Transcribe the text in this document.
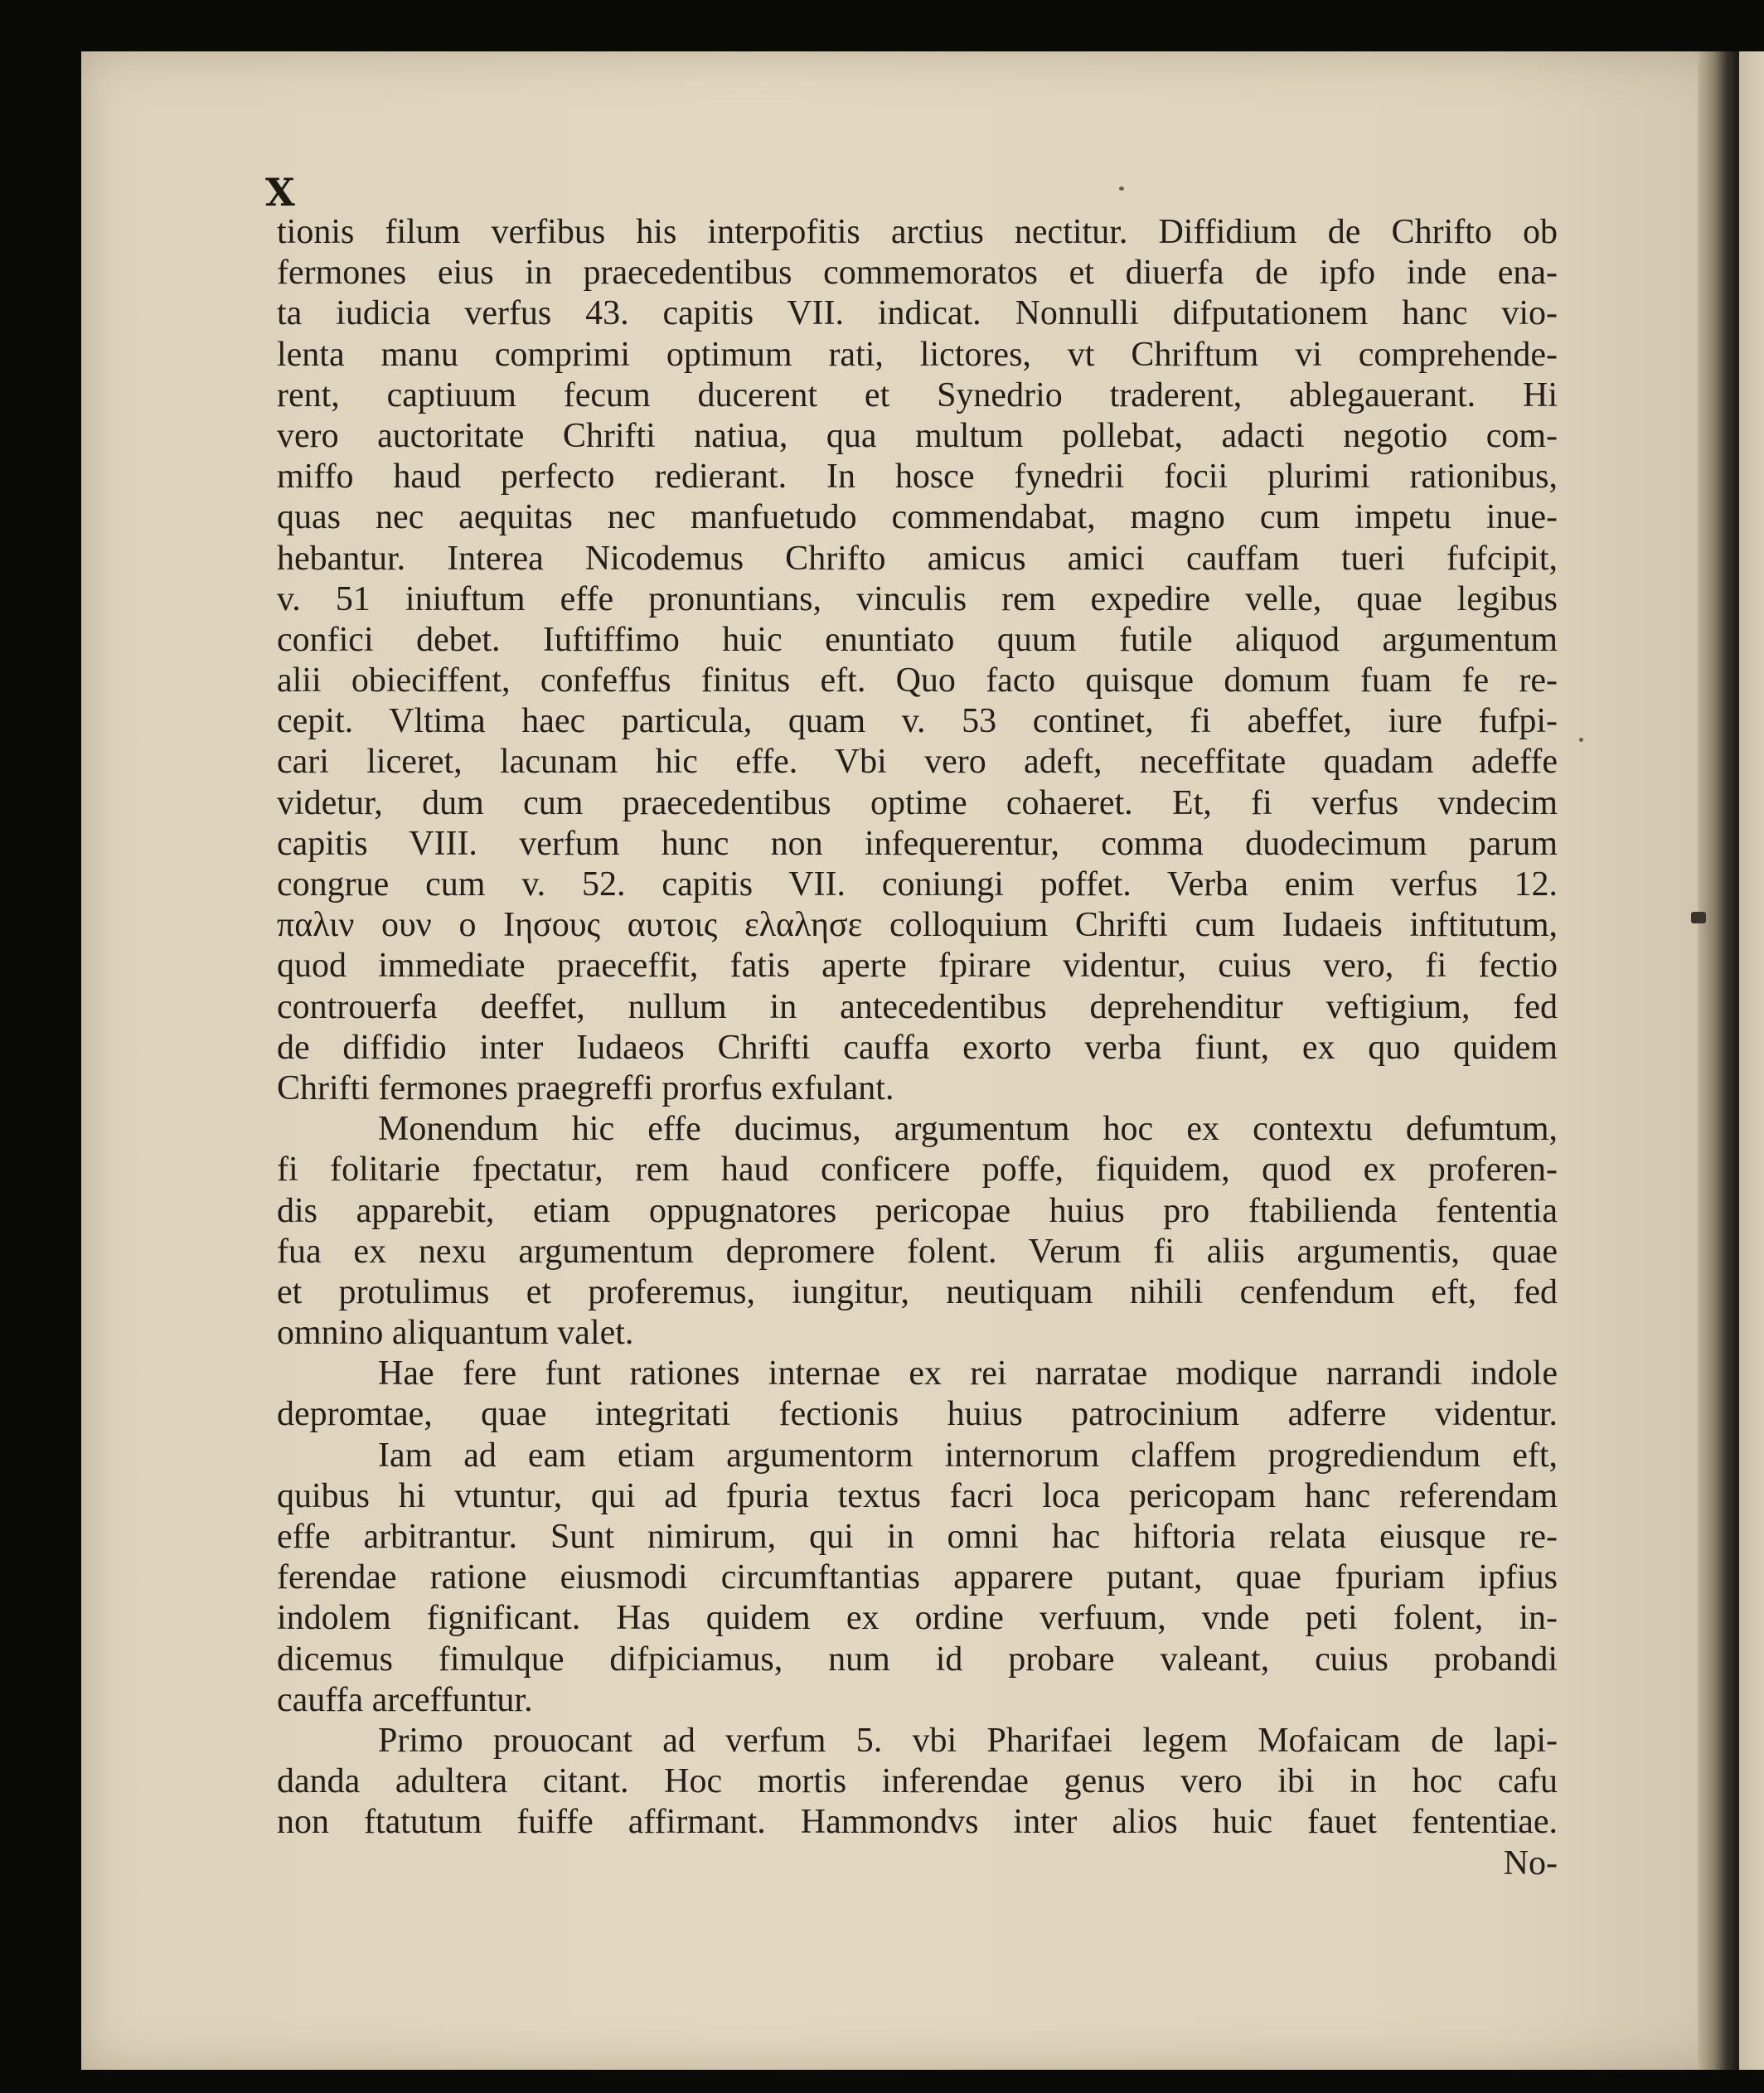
X
tionis filum verfibus his interpofitis arctius nectitur. Diffidium de Chrifto ob
fermones eius in praecedentibus commemoratos et diuerfa de ipfo inde ena-
ta iudicia verfus 43. capitis VII. indicat. Nonnulli difputationem hanc vio-
lenta manu comprimi optimum rati, lictores, vt Chriftum vi comprehende-
rent, captiuum fecum ducerent et Synedrio traderent, ablegauerant. Hi
vero auctoritate Chrifti natiua, qua multum pollebat, adacti negotio com-
miffo haud perfecto redierant. In hosce fynedrii focii plurimi rationibus,
quas nec aequitas nec manfuetudo commendabat, magno cum impetu inue-
hebantur. Interea Nicodemus Chrifto amicus amici cauffam tueri fufcipit,
v. 51 iniuftum effe pronuntians, vinculis rem expedire velle, quae legibus
confici debet. Iuftiffimo huic enuntiato quum futile aliquod argumentum
alii obieciffent, confeffus finitus eft. Quo facto quisque domum fuam fe re-
cepit. Vltima haec particula, quam v. 53 continet, fi abeffet, iure fufpi-
cari liceret, lacunam hic effe. Vbi vero adeft, neceffitate quadam adeffe
videtur, dum cum praecedentibus optime cohaeret. Et, fi verfus vndecim
capitis VIII. verfum hunc non infequerentur, comma duodecimum parum
congrue cum v. 52. capitis VII. coniungi poffet. Verba enim verfus 12.
παλιν ουν ο Ιησους αυτοις ελαλησε colloquium Chrifti cum Iudaeis inftitutum,
quod immediate praeceffit, fatis aperte fpirare videntur, cuius vero, fi fectio
controuerfa deeffet, nullum in antecedentibus deprehenditur veftigium, fed
de diffidio inter Iudaeos Chrifti cauffa exorto verba fiunt, ex quo quidem
Chrifti fermones praegreffi prorfus exfulant.
Monendum hic effe ducimus, argumentum hoc ex contextu defumtum,
fi folitarie fpectatur, rem haud conficere poffe, fiquidem, quod ex proferen-
dis apparebit, etiam oppugnatores pericopae huius pro ftabilienda fententia
fua ex nexu argumentum depromere folent. Verum fi aliis argumentis, quae
et protulimus et proferemus, iungitur, neutiquam nihili cenfendum eft, fed
omnino aliquantum valet.
Hae fere funt rationes internae ex rei narratae modique narrandi indole
depromtae, quae integritati fectionis huius patrocinium adferre videntur.
Iam ad eam etiam argumentorm internorum claffem progrediendum eft,
quibus hi vtuntur, qui ad fpuria textus facri loca pericopam hanc referendam
effe arbitrantur. Sunt nimirum, qui in omni hac hiftoria relata eiusque re-
ferendae ratione eiusmodi circumftantias apparere putant, quae fpuriam ipfius
indolem fignificant. Has quidem ex ordine verfuum, vnde peti folent, in-
dicemus fimulque difpiciamus, num id probare valeant, cuius probandi
cauffa arceffuntur.
Primo prouocant ad verfum 5. vbi Pharifaei legem Mofaicam de lapi-
danda adultera citant. Hoc mortis inferendae genus vero ibi in hoc cafu
non ftatutum fuiffe affirmant. Hammondvs inter alios huic fauet fententiae.
No-
